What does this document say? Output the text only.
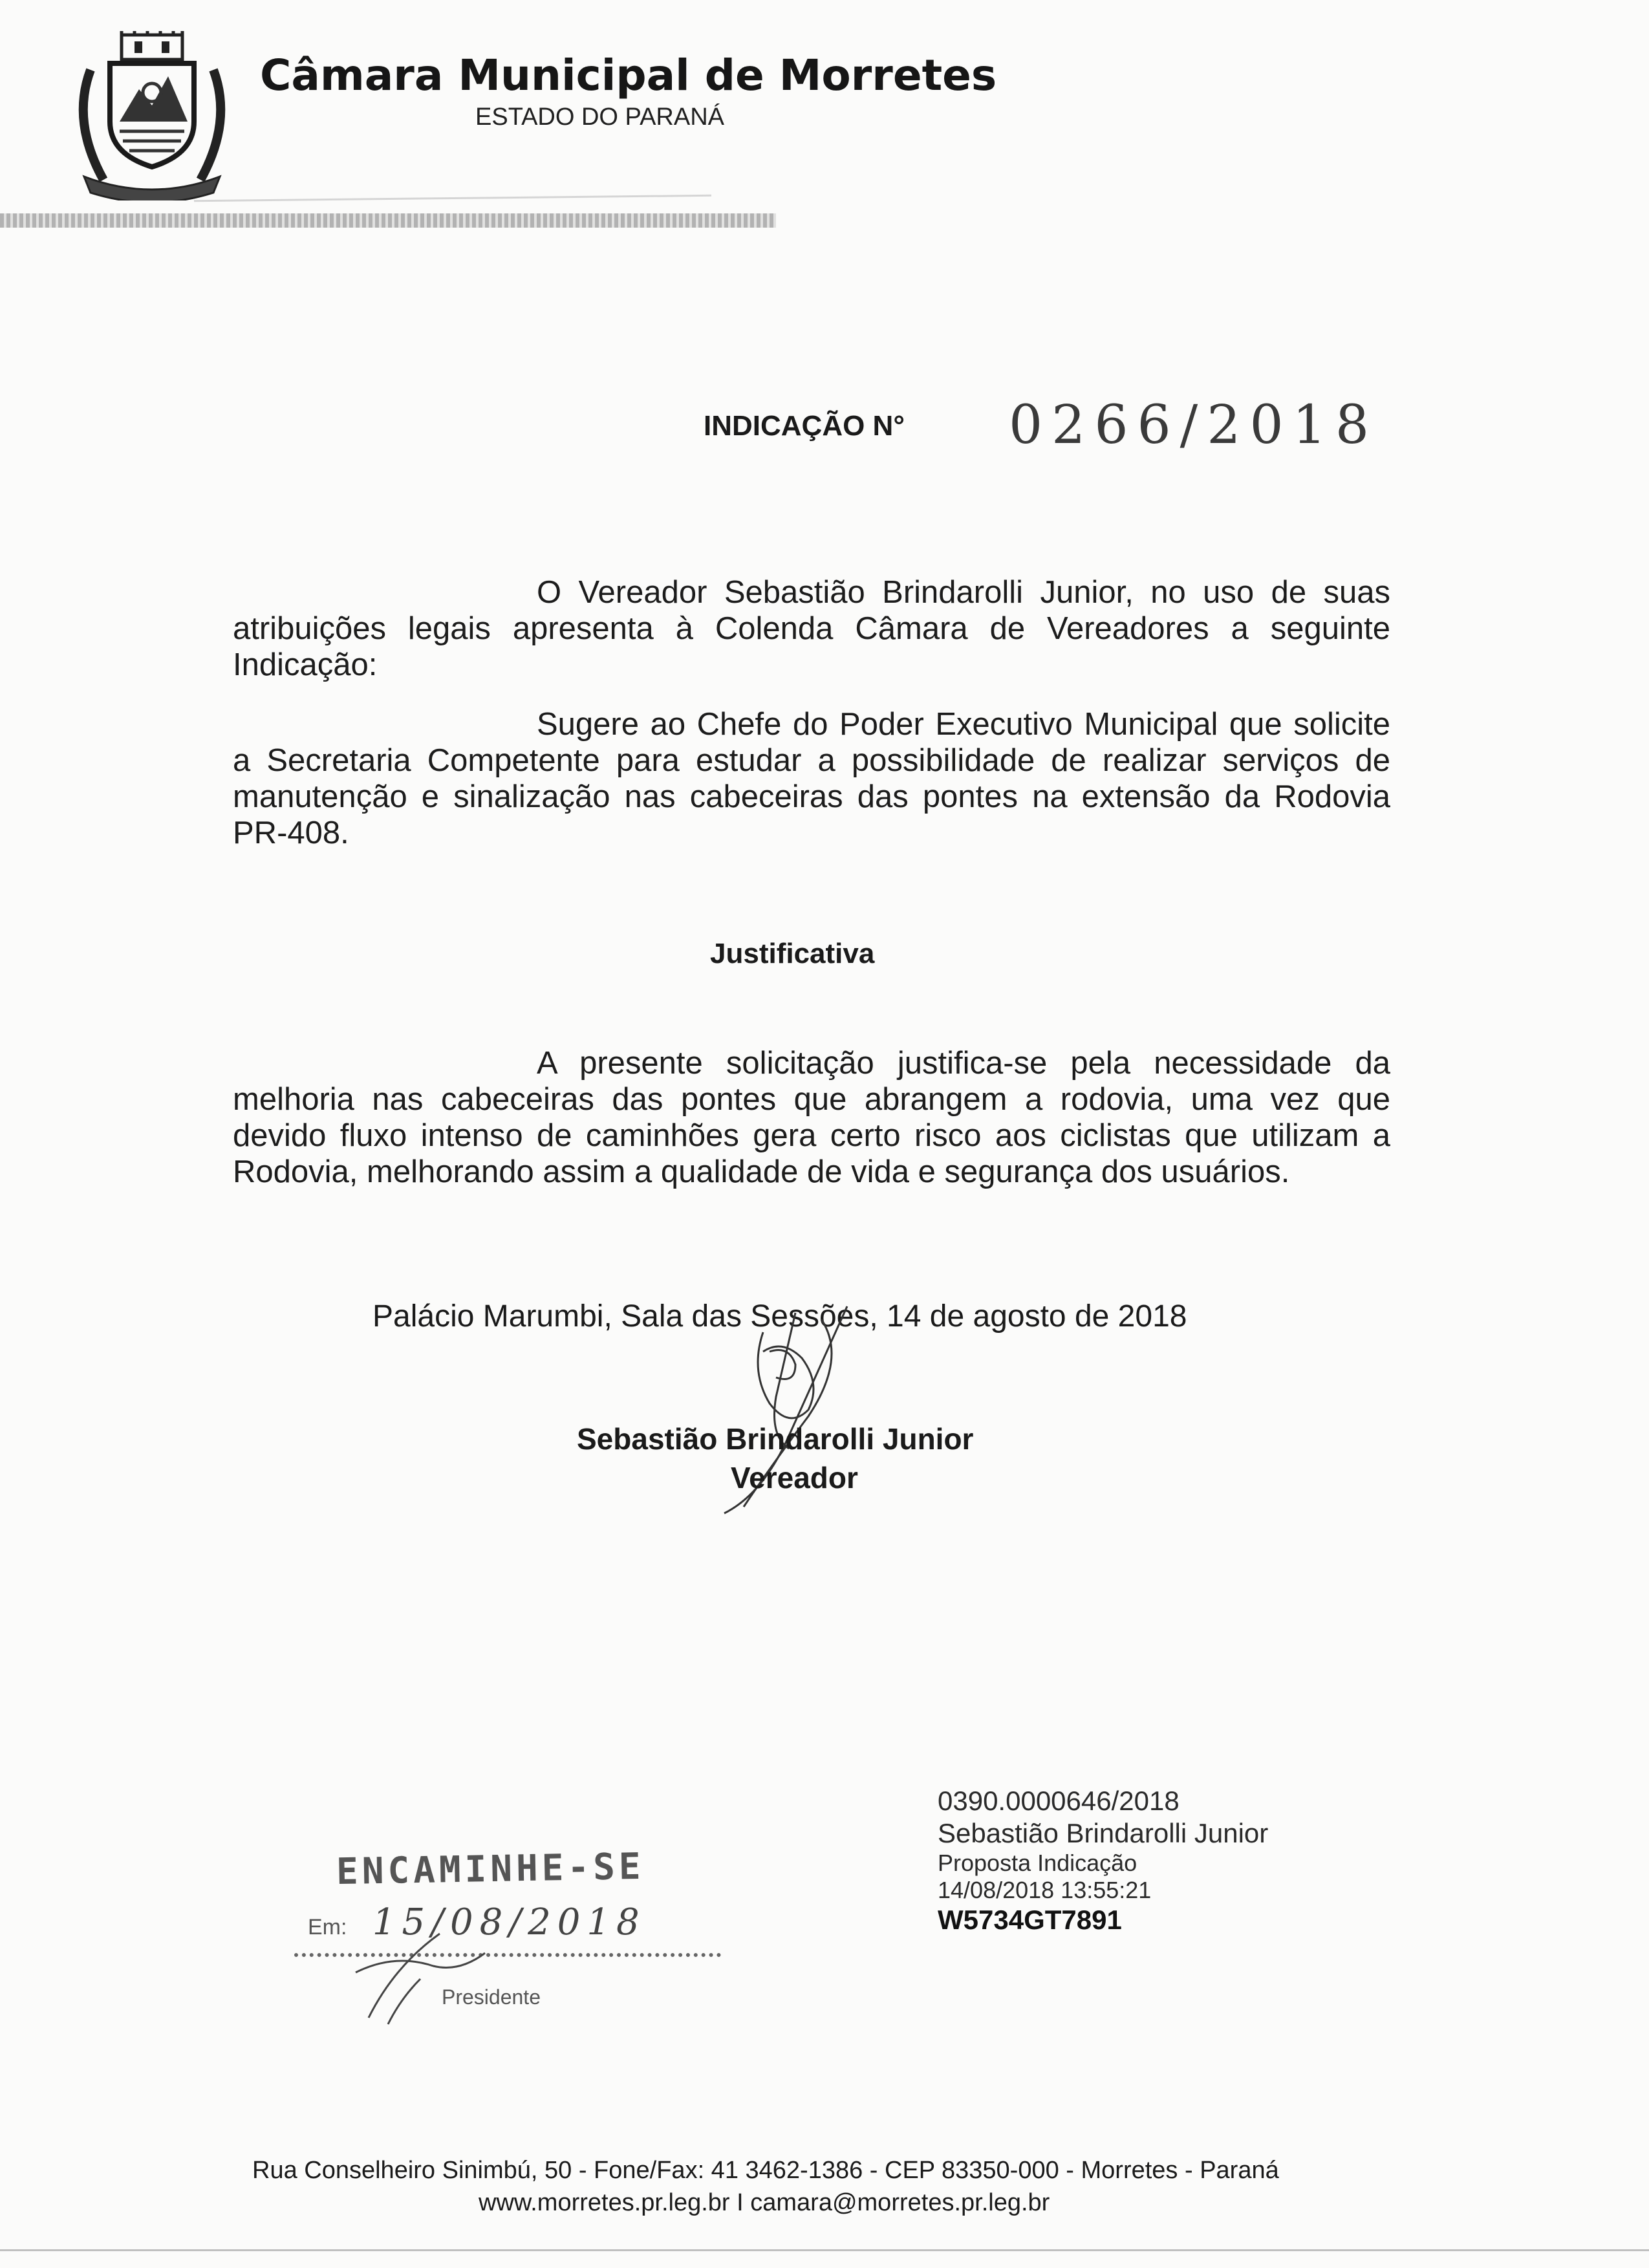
Câmara Municipal de Morretes
ESTADO DO PARANÁ
INDICAÇÃO N° 0266/2018
O Vereador Sebastião Brindarolli Junior, no uso de suas atribuições legais apresenta à Colenda Câmara de Vereadores a seguinte Indicação:
Sugere ao Chefe do Poder Executivo Municipal que solicite a Secretaria Competente para estudar a possibilidade de realizar serviços de manutenção e sinalização nas cabeceiras das pontes na extensão da Rodovia PR-408.
Justificativa
A presente solicitação justifica-se pela necessidade da melhoria nas cabeceiras das pontes que abrangem a rodovia, uma vez que devido fluxo intenso de caminhões gera certo risco aos ciclistas que utilizam a Rodovia, melhorando assim a qualidade de vida e segurança dos usuários.
Palácio Marumbi, Sala das Sessões, 14 de agosto de 2018
Sebastião Brindarolli Junior
Vereador
0390.0000646/2018
Sebastião Brindarolli Junior
Proposta Indicação
14/08/2018 13:55:21
W5734GT7891
ENCAMINHE-SE
Em: 15/08/2018
Presidente
Rua Conselheiro Sinimbú, 50 - Fone/Fax: 41 3462-1386 - CEP 83350-000 - Morretes - Paraná
www.morretes.pr.leg.br I camara@morretes.pr.leg.br
